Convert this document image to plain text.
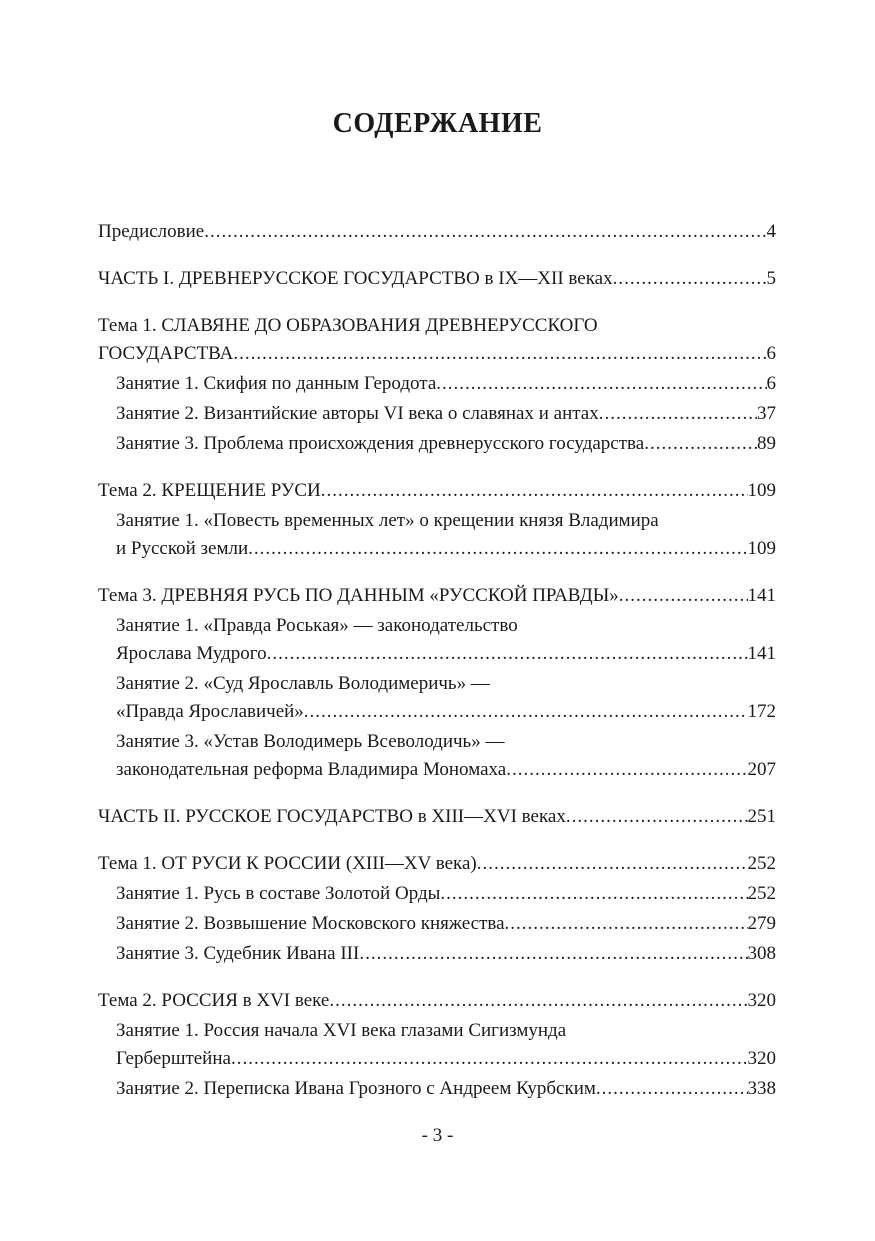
СОДЕРЖАНИЕ
Предисловие .....	4
ЧАСТЬ I. ДРЕВНЕРУССКОЕ ГОСУДАРСТВО в IX—XII веках .....	5
Тема 1. СЛАВЯНЕ ДО ОБРАЗОВАНИЯ ДРЕВНЕРУССКОГО
ГОСУДАРСТВА .....	6
Занятие 1. Скифия по данным Геродота .....	6
Занятие 2. Византийские авторы VI века о славянах и антах .....	37
Занятие 3. Проблема происхождения древнерусского государства .....	89
Тема 2. КРЕЩЕНИЕ РУСИ .....	109
Занятие 1. «Повесть временных лет» о крещении князя Владимира
и Русской земли .....	109
Тема 3. ДРЕВНЯЯ РУСЬ ПО ДАННЫМ «РУССКОЙ ПРАВДЫ» .....	141
Занятие 1. «Правда Роськая» — законодательство
Ярослава Мудрого .....	141
Занятие 2. «Суд Ярославль Володимеричь» —
«Правда Ярославичей» .....	172
Занятие 3. «Устав Володимерь Всеволодичь» —
законодательная реформа Владимира Мономаха .....	207
ЧАСТЬ II. РУССКОЕ ГОСУДАРСТВО в XIII—XVI веках .....	251
Тема 1. ОТ РУСИ К РОССИИ (XIII—XV века) .....	252
Занятие 1. Русь в составе Золотой Орды .....	252
Занятие 2. Возвышение Московского княжества .....	279
Занятие 3. Судебник Ивана III .....	308
Тема 2. РОССИЯ в XVI веке .....	320
Занятие 1. Россия начала XVI века глазами Сигизмунда
Герберштейна .....	320
Занятие 2. Переписка Ивана Грозного с Андреем Курбским .....	338
- 3 -
